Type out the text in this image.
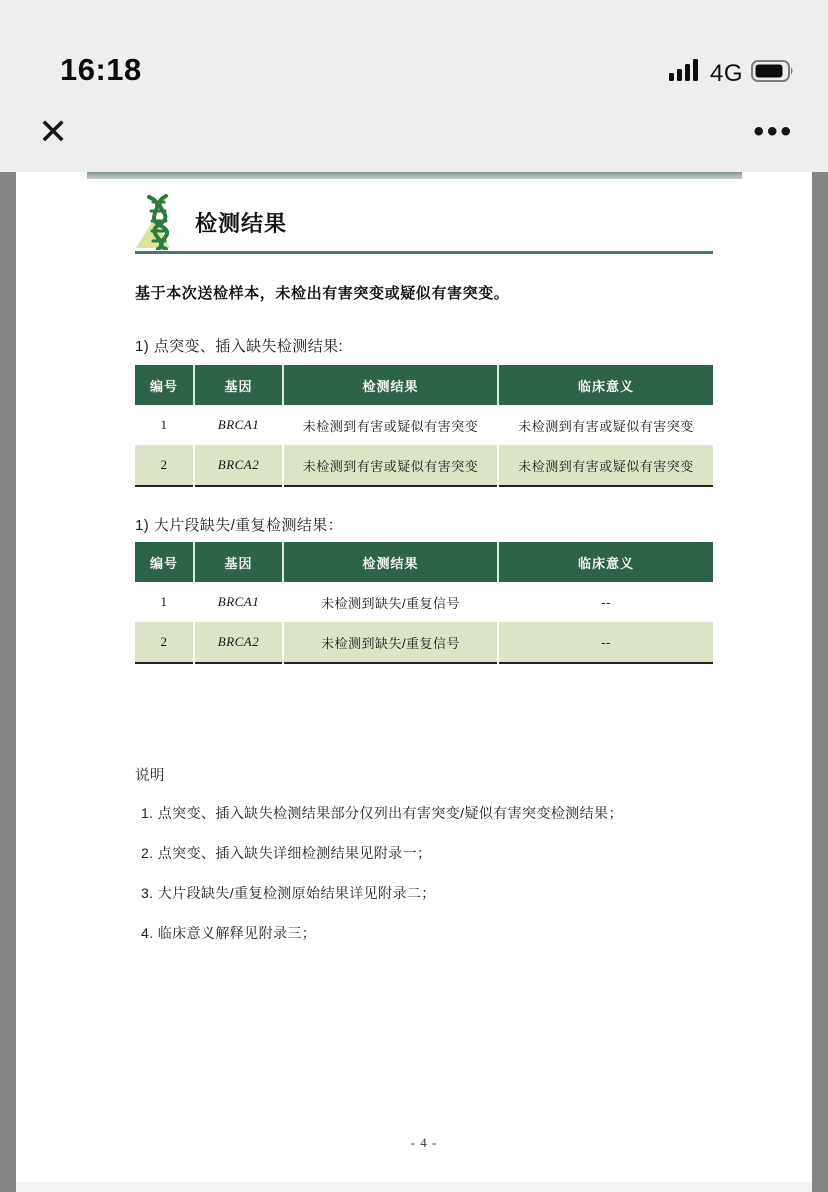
16:18	4G
✕	•••
检测结果

基于本次送检样本，未检出有害突变或疑似有害突变。

1) 点突变、插入缺失检测结果:

编号	基因	检测结果	临床意义
1	BRCA1	未检测到有害或疑似有害突变	未检测到有害或疑似有害突变
2	BRCA2	未检测到有害或疑似有害突变	未检测到有害或疑似有害突变

1) 大片段缺失/重复检测结果：

编号	基因	检测结果	临床意义
1	BRCA1	未检测到缺失/重复信号	--
2	BRCA2	未检测到缺失/重复信号	--

说明

1. 点突变、插入缺失检测结果部分仅列出有害突变/疑似有害突变检测结果；
2. 点突变、插入缺失详细检测结果见附录一；
3. 大片段缺失/重复检测原始结果详见附录二；
4. 临床意义解释见附录三；
- 4 -
